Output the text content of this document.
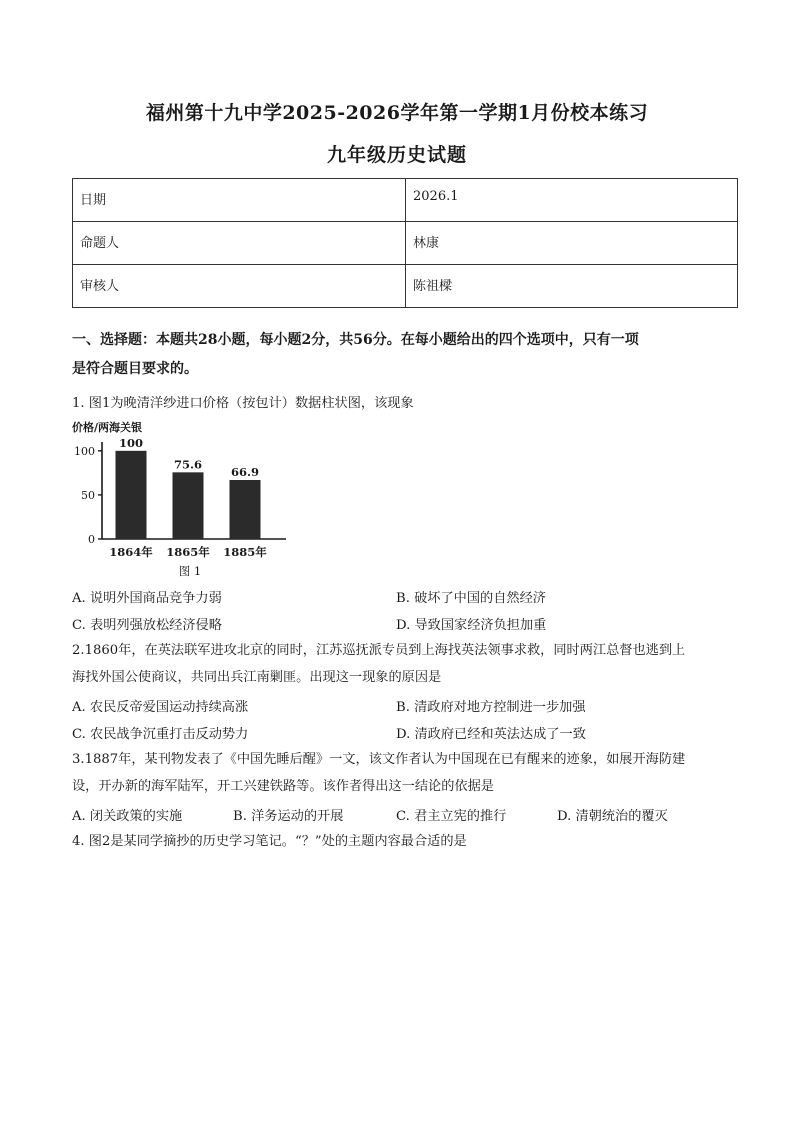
福州第十九中学2025-2026学年第一学期1月份校本练习
九年级历史试题
日期	2026.1
命题人	林康
审核人	陈祖樑
一、选择题：本题共28小题，每小题2分，共56分。在每小题给出的四个选项中，只有一项
是符合题目要求的。
1. 图1为晚清洋纱进口价格（按包计）数据柱状图，该现象
价格/两海关银
0
50
100
100
75.6
66.9
1864年 1865年 1885年
图 1
A. 说明外国商品竞争力弱	B. 破坏了中国的自然经济
C. 表明列强放松经济侵略	D. 导致国家经济负担加重
2.1860年，在英法联军进攻北京的同时，江苏巡抚派专员到上海找英法领事求救，同时两江总督也逃到上
海找外国公使商议，共同出兵江南剿匪。出现这一现象的原因是
A. 农民反帝爱国运动持续高涨	B. 清政府对地方控制进一步加强
C. 农民战争沉重打击反动势力	D. 清政府已经和英法达成了一致
3.1887年，某刊物发表了《中国先睡后醒》一文，该文作者认为中国现在已有醒来的迹象，如展开海防建
设，开办新的海军陆军，开工兴建铁路等。该作者得出这一结论的依据是
A. 闭关政策的实施	B. 洋务运动的开展	C. 君主立宪的推行	D. 清朝统治的覆灭
4. 图2是某同学摘抄的历史学习笔记。“？”处的主题内容最合适的是
